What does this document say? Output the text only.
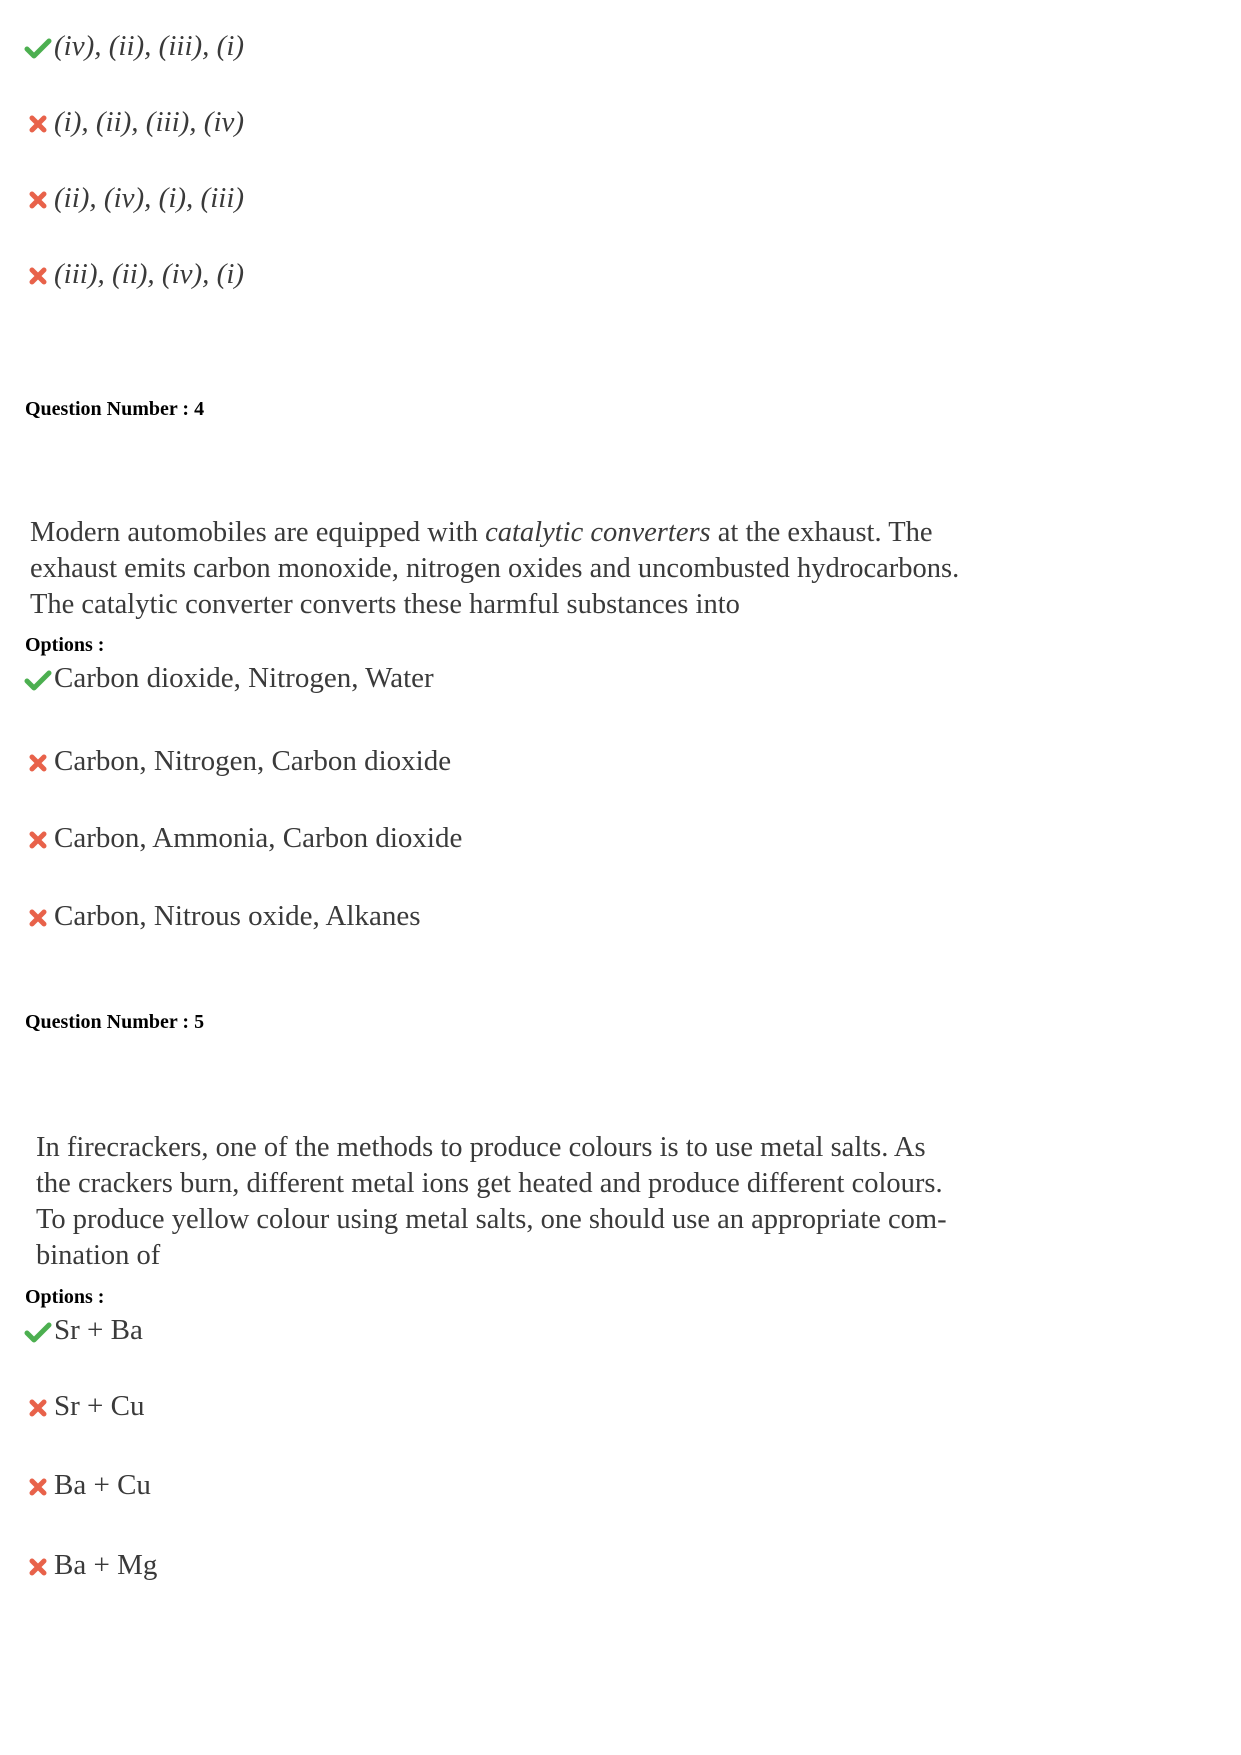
(iv), (ii), (iii), (i)
(i), (ii), (iii), (iv)
(ii), (iv), (i), (iii)
(iii), (ii), (iv), (i)
Question Number : 4

Modern automobiles are equipped with catalytic converters at the exhaust. The

exhaust emits carbon monoxide, nitrogen oxides and uncombusted hydrocarbons.

The catalytic converter converts these harmful substances into

Options :
Carbon dioxide, Nitrogen, Water
Carbon, Nitrogen, Carbon dioxide
Carbon, Ammonia, Carbon dioxide
Carbon, Nitrous oxide, Alkanes
Question Number : 5

In firecrackers, one of the methods to produce colours is to use metal salts. As

the crackers burn, different metal ions get heated and produce different colours.

To produce yellow colour using metal salts, one should use an appropriate com-

bination of

Options :
Sr + Ba
Sr + Cu
Ba + Cu
Ba + Mg
